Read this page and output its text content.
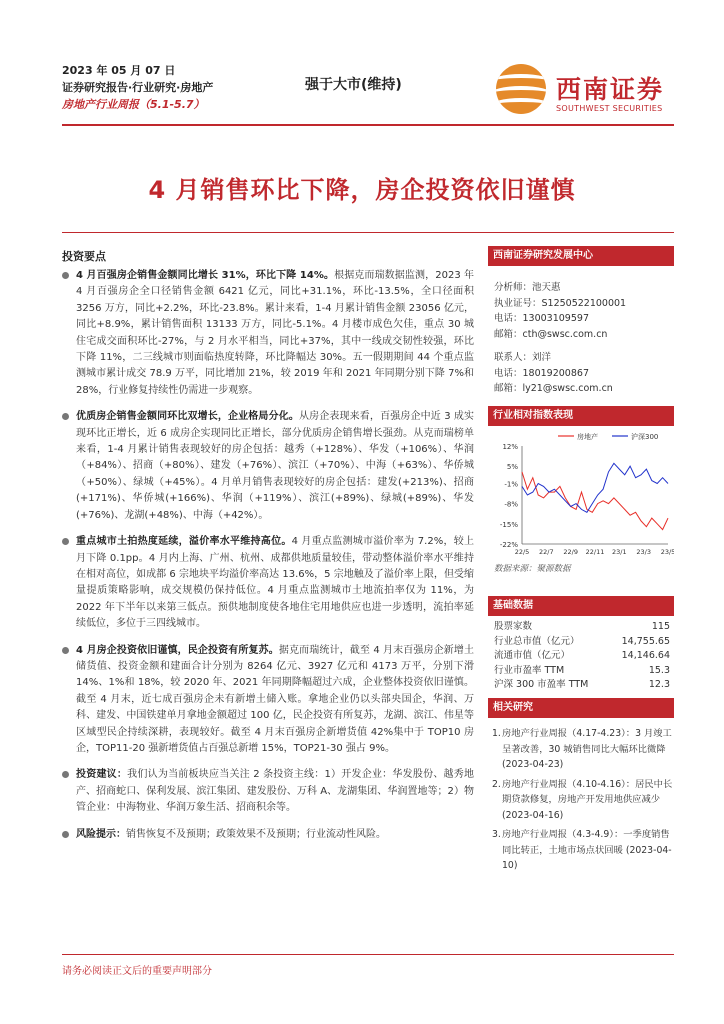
2023 年 05 月 07 日
证券研究报告·行业研究·房地产
房地产行业周报（5.1-5.7）
强于大市(维持)	西南证券
SOUTHWEST SECURITIES
4 月销售环比下降，房企投资依旧谨慎
投资要点
4 月百强房企销售金额同比增长 31%，环比下降 14%。根据克而瑞数据监测，2023 年 4 月百强房企全口径销售金额 6421 亿元，同比+31.1%，环比-13.5%，全口径面积 3256 万方，同比+2.2%，环比-23.8%。累计来看，1-4 月累计销售金额 23056 亿元，同比+8.9%，累计销售面积 13133 万方，同比-5.1%。4 月楼市成色欠佳，重点 30 城住宅成交面积环比-27%，与 2 月水平相当，同比+37%，其中一线成交韧性较强，环比下降 11%，二三线城市则面临热度转降，环比降幅达 30%。五一假期期间 44 个重点监测城市累计成交 78.9 万平，同比增加 21%，较 2019 年和 2021 年同期分别下降 7%和 28%，行业修复持续性仍需进一步观察。
优质房企销售金额同环比双增长，企业格局分化。从房企表现来看，百强房企中近 3 成实现环比正增长，近 6 成房企实现同比正增长，部分优质房企销售增长强劲。从克而瑞榜单来看，1-4 月累计销售表现较好的房企包括：越秀（+128%）、华发（+106%）、华润（+84%）、招商（+80%）、建发（+76%）、滨江（+70%）、中海（+63%）、华侨城（+50%）、绿城（+45%）。4 月单月销售表现较好的房企包括：建发(+213%)、招商(+171%)、华侨城(+166%)、华润（+119%）、滨江(+89%)、绿城(+89%)、华发(+76%)、龙湖(+48%)、中海（+42%）。
重点城市土拍热度延续，溢价率水平维持高位。4 月重点监测城市溢价率为 7.2%，较上月下降 0.1pp。4 月内上海、广州、杭州、成都供地质量较佳，带动整体溢价率水平维持在相对高位，如成都 6 宗地块平均溢价率高达 13.6%，5 宗地触及了溢价率上限，但受缩量提质策略影响，成交规模仍保持低位。4 月重点监测城市土地流拍率仅为 11%，为 2022 年下半年以来第三低点。预供地制度使各地住宅用地供应也进一步透明，流拍率延续低位，多位于三四线城市。
4 月房企投资依旧谨慎，民企投资有所复苏。据克而瑞统计，截至 4 月末百强房企新增土储货值、投资金额和建面合计分别为 8264 亿元、3927 亿元和 4173 万平，分别下滑 14%、1%和 18%，较 2020 年、2021 年同期降幅超过六成，企业整体投资依旧谨慎。截至 4 月末，近七成百强房企未有新增土储入账。拿地企业仍以头部央国企，华润、万科、建发、中国铁建单月拿地金额超过 100 亿，民企投资有所复苏，龙湖、滨江、伟星等区域型民企持续深耕，表现较好。截至 4 月末百强房企新增货值 42%集中于 TOP10 房企，TOP11-20 强新增货值占百强总新增 15%，TOP21-30 强占 9%。
投资建议：我们认为当前板块应当关注 2 条投资主线：1）开发企业：华发股份、越秀地产、招商蛇口、保利发展、滨江集团、建发股份、万科 A、龙湖集团、华润置地等；2）物管企业：中海物业、华润万象生活、招商积余等。
风险提示：销售恢复不及预期；政策效果不及预期；行业流动性风险。
西南证券研究发展中心
分析师：池天惠
执业证号：S1250522100001
电话：13003109597
邮箱：cth@swsc.com.cn
联系人：刘洋
电话：18019200867
邮箱：ly21@swsc.com.cn
行业相对指数表现
12%
5%
-1%
-8%
-15%
-22%
22/5 22/7 22/9 22/11 23/1 23/3 23/5
房地产	沪深300
数据来源：聚源数据
基础数据
股票家数	115
行业总市值（亿元）	14,755.65
流通市值（亿元）	14,146.64
行业市盈率 TTM	15.3
沪深 300 市盈率 TTM	12.3
相关研究
1. 房地产行业周报（4.17-4.23）：3 月竣工呈著改善，30 城销售同比大幅环比微降 (2023-04-23)
2. 房地产行业周报（4.10-4.16）：居民中长期贷款修复，房地产开发用地供应减少 (2023-04-16)
3. 房地产行业周报（4.3-4.9）：一季度销售同比转正，土地市场点状回暖 (2023-04-10)
请务必阅读正文后的重要声明部分
